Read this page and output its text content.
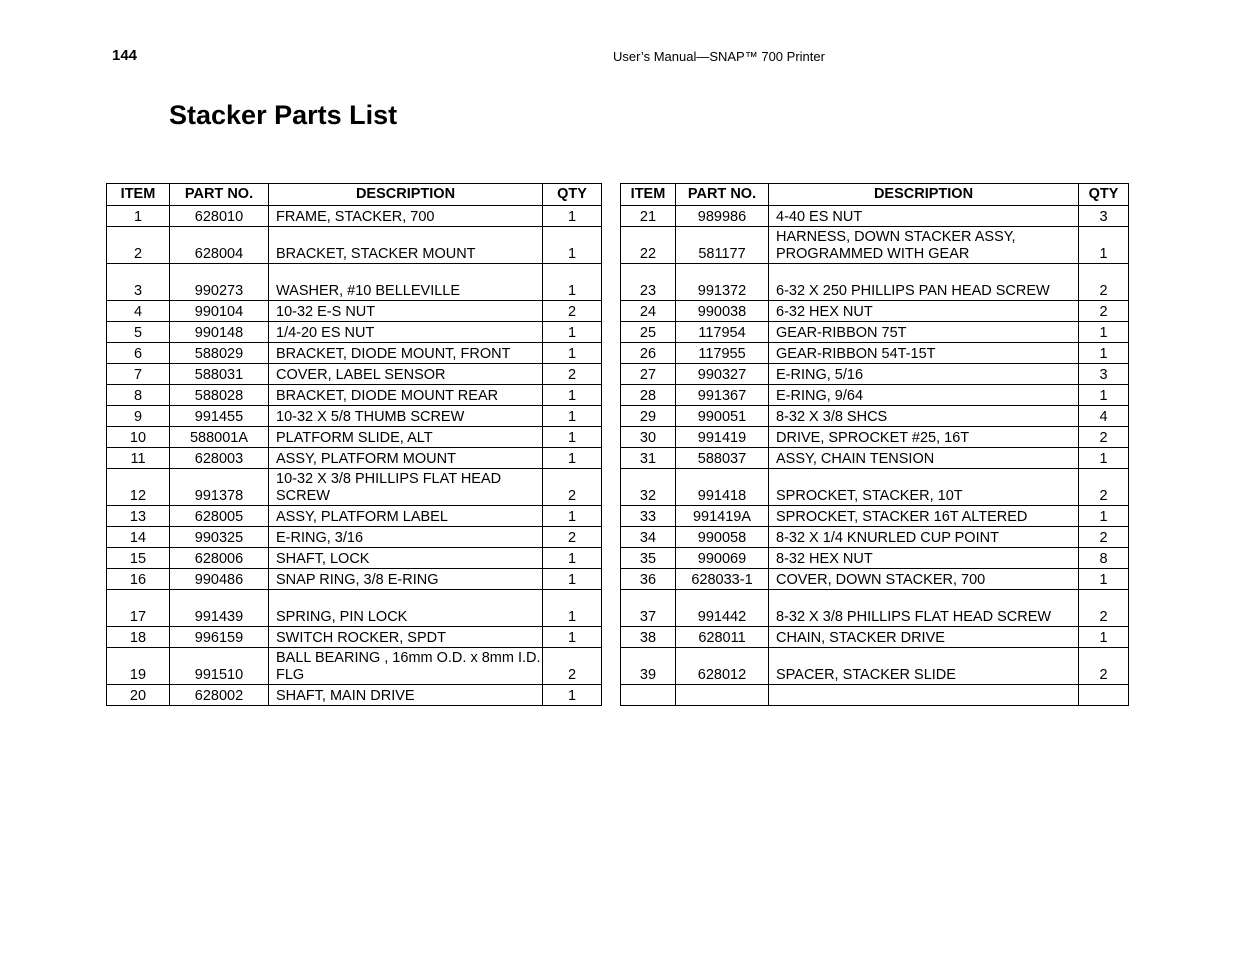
144	User’s Manual—SNAP™ 700 Printer
Stacker Parts List
ITEM	PART NO.	DESCRIPTION	QTY
1	628010	FRAME, STACKER, 700	1
2	628004	BRACKET, STACKER MOUNT	1
3	990273	WASHER, #10 BELLEVILLE	1
4	990104	10-32 E-S NUT	2
5	990148	1/4-20 ES NUT	1
6	588029	BRACKET, DIODE MOUNT, FRONT	1
7	588031	COVER, LABEL SENSOR	2
8	588028	BRACKET, DIODE MOUNT REAR	1
9	991455	10-32 X 5/8 THUMB SCREW	1
10	588001A	PLATFORM SLIDE, ALT	1
11	628003	ASSY, PLATFORM MOUNT	1
12	991378	10-32 X 3/8 PHILLIPS FLAT HEAD SCREW	2
13	628005	ASSY, PLATFORM LABEL	1
14	990325	E-RING, 3/16	2
15	628006	SHAFT, LOCK	1
16	990486	SNAP RING, 3/8 E-RING	1
17	991439	SPRING, PIN LOCK	1
18	996159	SWITCH ROCKER, SPDT	1
19	991510	BALL BEARING , 16mm O.D. x 8mm I.D. FLG	2
20	628002	SHAFT, MAIN DRIVE	1
ITEM	PART NO.	DESCRIPTION	QTY
21	989986	4-40 ES NUT	3
22	581177	HARNESS, DOWN STACKER ASSY, PROGRAMMED WITH GEAR	1
23	991372	6-32 X 250 PHILLIPS PAN HEAD SCREW	2
24	990038	6-32 HEX NUT	2
25	117954	GEAR-RIBBON 75T	1
26	117955	GEAR-RIBBON 54T-15T	1
27	990327	E-RING, 5/16	3
28	991367	E-RING, 9/64	1
29	990051	8-32 X 3/8 SHCS	4
30	991419	DRIVE, SPROCKET #25, 16T	2
31	588037	ASSY, CHAIN TENSION	1
32	991418	SPROCKET, STACKER, 10T	2
33	991419A	SPROCKET, STACKER 16T ALTERED	1
34	990058	8-32 X 1/4 KNURLED CUP POINT	2
35	990069	8-32 HEX NUT	8
36	628033-1	COVER, DOWN STACKER, 700	1
37	991442	8-32 X 3/8 PHILLIPS FLAT HEAD SCREW	2
38	628011	CHAIN, STACKER DRIVE	1
39	628012	SPACER, STACKER SLIDE	2
